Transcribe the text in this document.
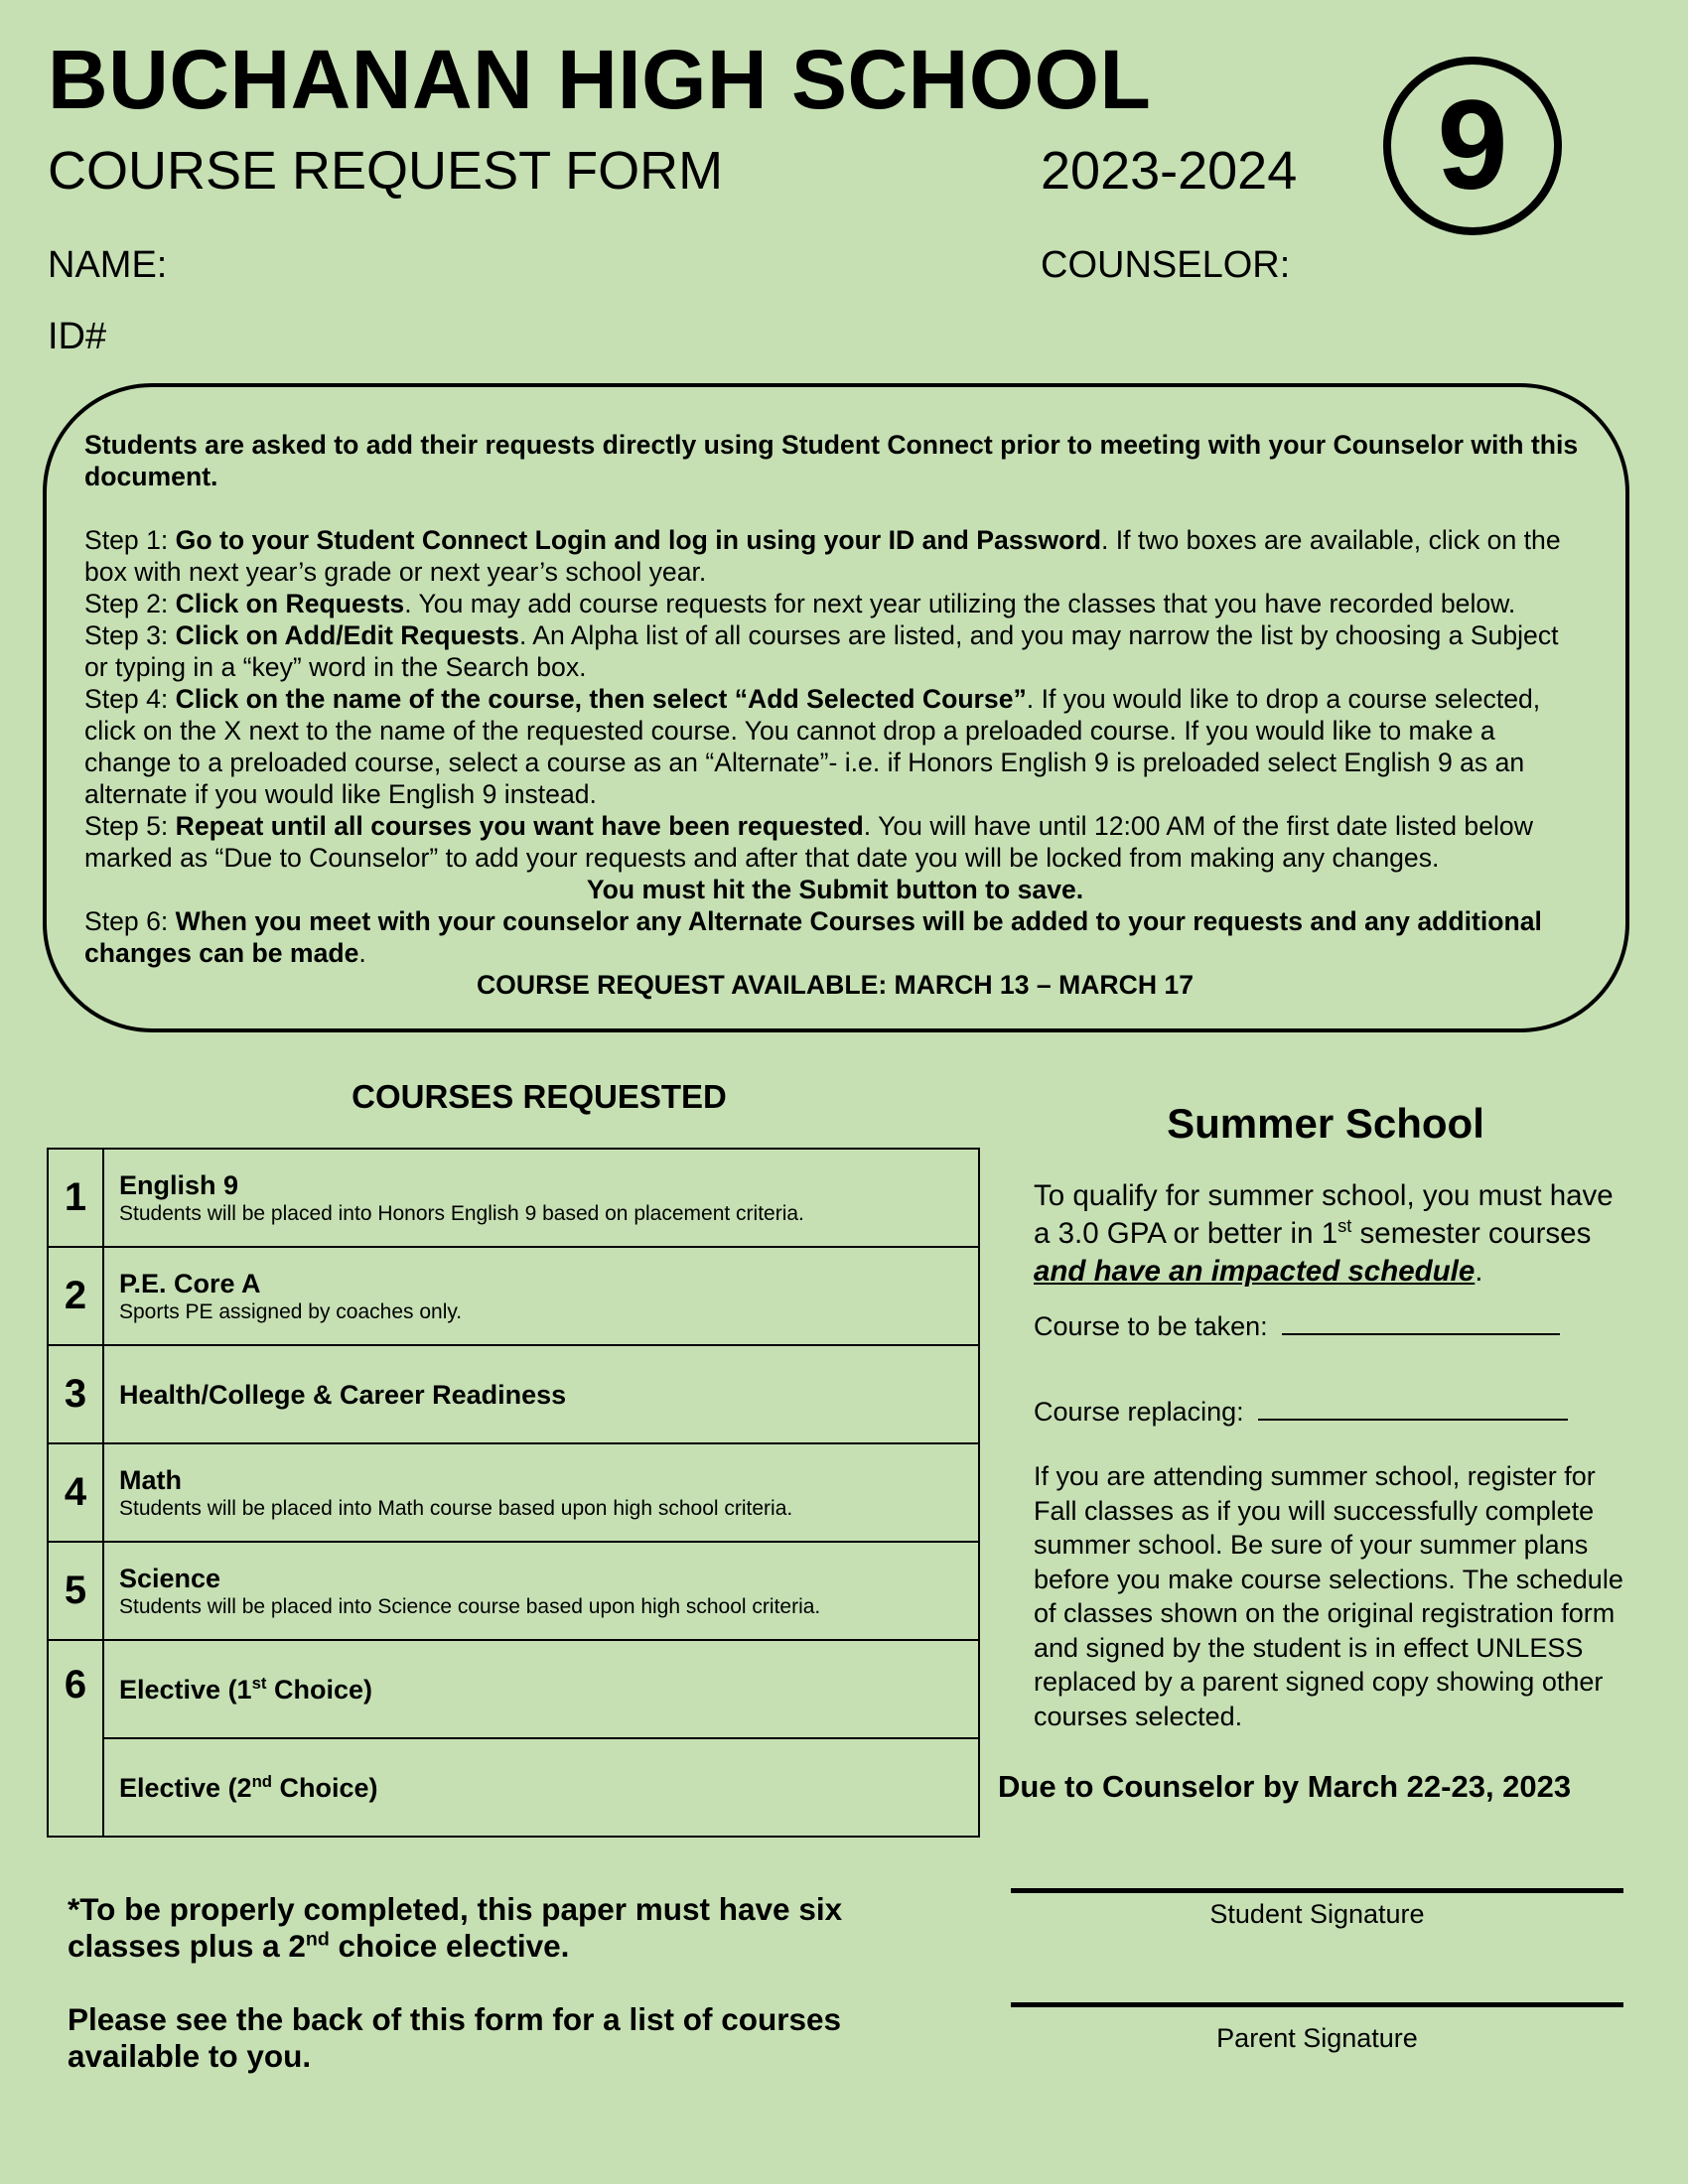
BUCHANAN HIGH SCHOOL
COURSE REQUEST FORM	2023-2024	9
NAME:	COUNSELOR:
ID#

Students are asked to add their requests directly using Student Connect prior to meeting with your Counselor with this document.

Step 1: Go to your Student Connect Login and log in using your ID and Password. If two boxes are available, click on the box with next year’s grade or next year’s school year.

Step 2: Click on Requests. You may add course requests for next year utilizing the classes that you have recorded below.

Step 3: Click on Add/Edit Requests. An Alpha list of all courses are listed, and you may narrow the list by choosing a Subject or typing in a “key” word in the Search box.

Step 4: Click on the name of the course, then select “Add Selected Course”. If you would like to drop a course selected, click on the X next to the name of the requested course. You cannot drop a preloaded course. If you would like to make a change to a preloaded course, select a course as an “Alternate”- i.e. if Honors English 9 is preloaded select English 9 as an alternate if you would like English 9 instead.

Step 5: Repeat until all courses you want have been requested. You will have until 12:00 AM of the first date listed below marked as “Due to Counselor” to add your requests and after that date you will be locked from making any changes.

You must hit the Submit button to save.

Step 6: When you meet with your counselor any Alternate Courses will be added to your requests and any additional changes can be made.

COURSE REQUEST AVAILABLE: MARCH 13 – MARCH 17

COURSES REQUESTED
1	English 9
Students will be placed into Honors English 9 based on placement criteria.

2	P.E. Core A
Sports PE assigned by coaches only.

3	Health/College & Career Readiness

4	Math
Students will be placed into Math course based upon high school criteria.

5	Science
Students will be placed into Science course based upon high school criteria.

6	Elective (1st Choice)

	Elective (2nd Choice)

*To be properly completed, this paper must have six classes plus a 2nd choice elective.

Please see the back of this form for a list of courses available to you.

Summer School
To qualify for summer school, you must have a 3.0 GPA or better in 1st semester courses and have an impacted schedule.
Course to be taken:
Course replacing:
If you are attending summer school, register for Fall classes as if you will successfully complete summer school. Be sure of your summer plans before you make course selections. The schedule of classes shown on the original registration form and signed by the student is in effect UNLESS replaced by a parent signed copy showing other courses selected.
Due to Counselor by March 22-23, 2023
Student Signature
Parent Signature
